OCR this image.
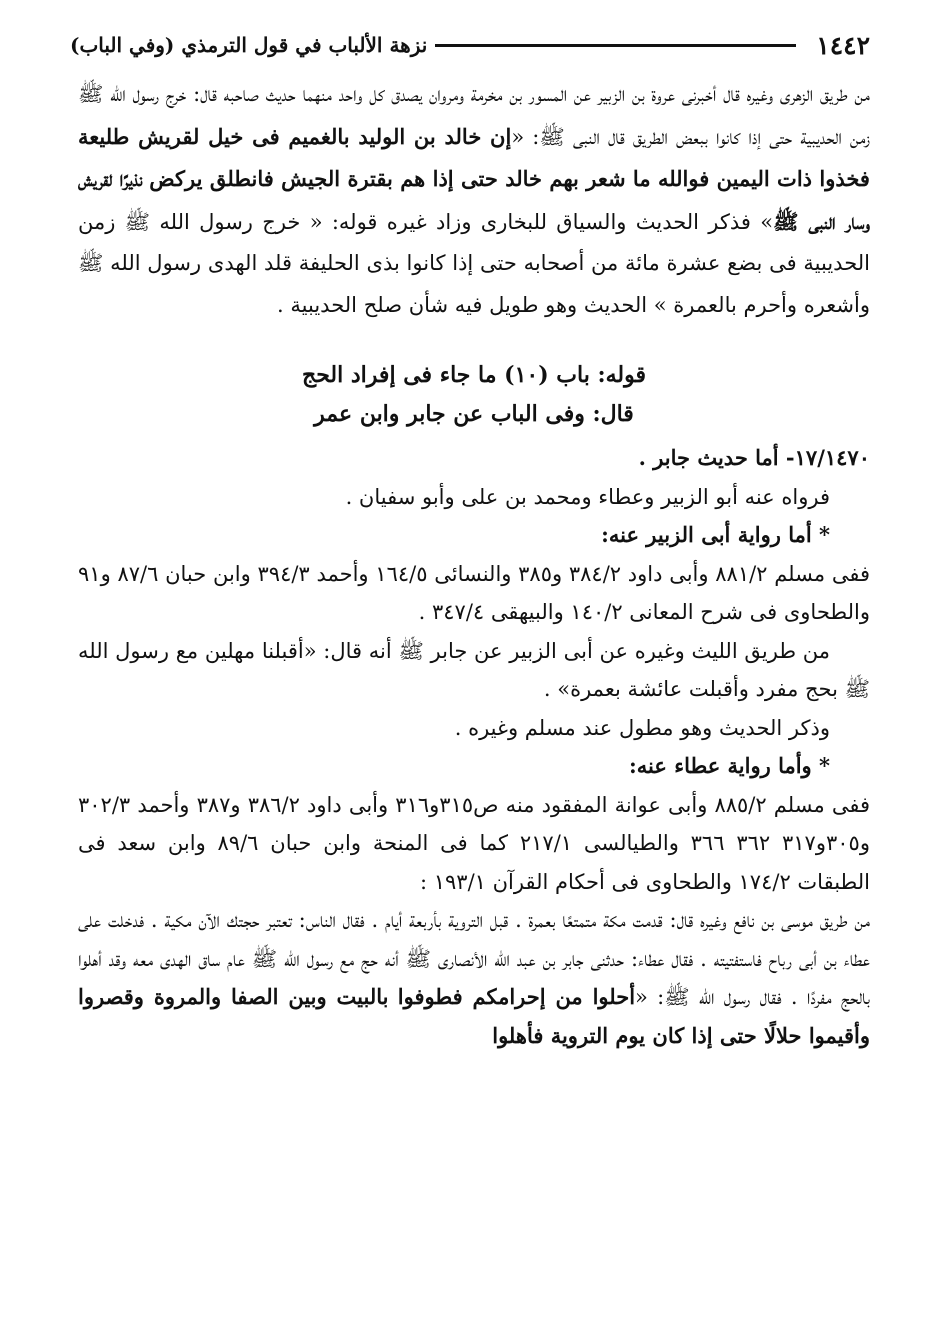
١٤٤٢
نزهة الألباب في قول الترمذي (وفي الباب)

من طريق الزهرى وغيره قال أخبرنى عروة بن الزبير عن المسور بن مخرمة ومروان يصدق كل واحد منهما حديث صاحبه قال: خرج رسول الله ﷺ زمن الحديبية حتى إذا كانوا ببعض الطريق قال النبى ﷺ: «إن خالد بن الوليد بالغميم فى خيل لقريش طليعة فخذوا ذات اليمين فوالله ما شعر بهم خالد حتى إذا هم بقترة الجيش فانطلق يركض نذيرًا لقريش وسار النبى ﷺ» فذكر الحديث والسياق للبخارى وزاد غيره قوله: « خرج رسول الله ﷺ زمن الحديبية فى بضع عشرة مائة من أصحابه حتى إذا كانوا بذى الحليفة قلد الهدى رسول الله ﷺ وأشعره وأحرم بالعمرة » الحديث وهو طويل فيه شأن صلح الحديبية .

قوله: باب (١٠) ما جاء فى إفراد الحج

قال: وفى الباب عن جابر وابن عمر

١٧/١٤٧٠- أما حديث جابر .

فرواه عنه أبو الزبير وعطاء ومحمد بن على وأبو سفيان .

* أما رواية أبى الزبير عنه:

ففى مسلم ٨٨١/٢ وأبى داود ٣٨٤/٢ و٣٨٥ والنسائى ١٦٤/٥ وأحمد ٣٩٤/٣ وابن حبان ٨٧/٦ و٩١ والطحاوى فى شرح المعانى ١٤٠/٢ والبيهقى ٣٤٧/٤ .

من طريق الليث وغيره عن أبى الزبير عن جابر ﷺ أنه قال: «أقبلنا مهلين مع رسول الله ﷺ بحج مفرد وأقبلت عائشة بعمرة» .

وذكر الحديث وهو مطول عند مسلم وغيره .

* وأما رواية عطاء عنه:

ففى مسلم ٨٨٥/٢ وأبى عوانة المفقود منه ص٣١٥و٣١٦ وأبى داود ٣٨٦/٢ و٣٨٧ وأحمد ٣٠٢/٣ و٣٠٥و٣١٧ ٣٦٢ ٣٦٦ والطيالسى ٢١٧/١ كما فى المنحة وابن حبان ٨٩/٦ وابن سعد فى الطبقات ١٧٤/٢ والطحاوى فى أحكام القرآن ١٩٣/١ :

من طريق موسى بن نافع وغيره قال: قدمت مكة متمتعًا بعمرة . قبل التروية بأربعة أيام . فقال الناس: تعتبر حجتك الآن مكية . فدخلت على عطاء بن أبى رباح فاستفتيته . فقال عطاء: حدثنى جابر بن عبد الله الأنصارى ﷺ أنه حج مع رسول الله ﷺ عام ساق الهدى معه وقد أهلوا بالحج مفردًا . فقال رسول الله ﷺ: «أحلوا من إحرامكم فطوفوا بالبيت وبين الصفا والمروة وقصروا وأقيموا حلالًا حتى إذا كان يوم التروية فأهلوا
